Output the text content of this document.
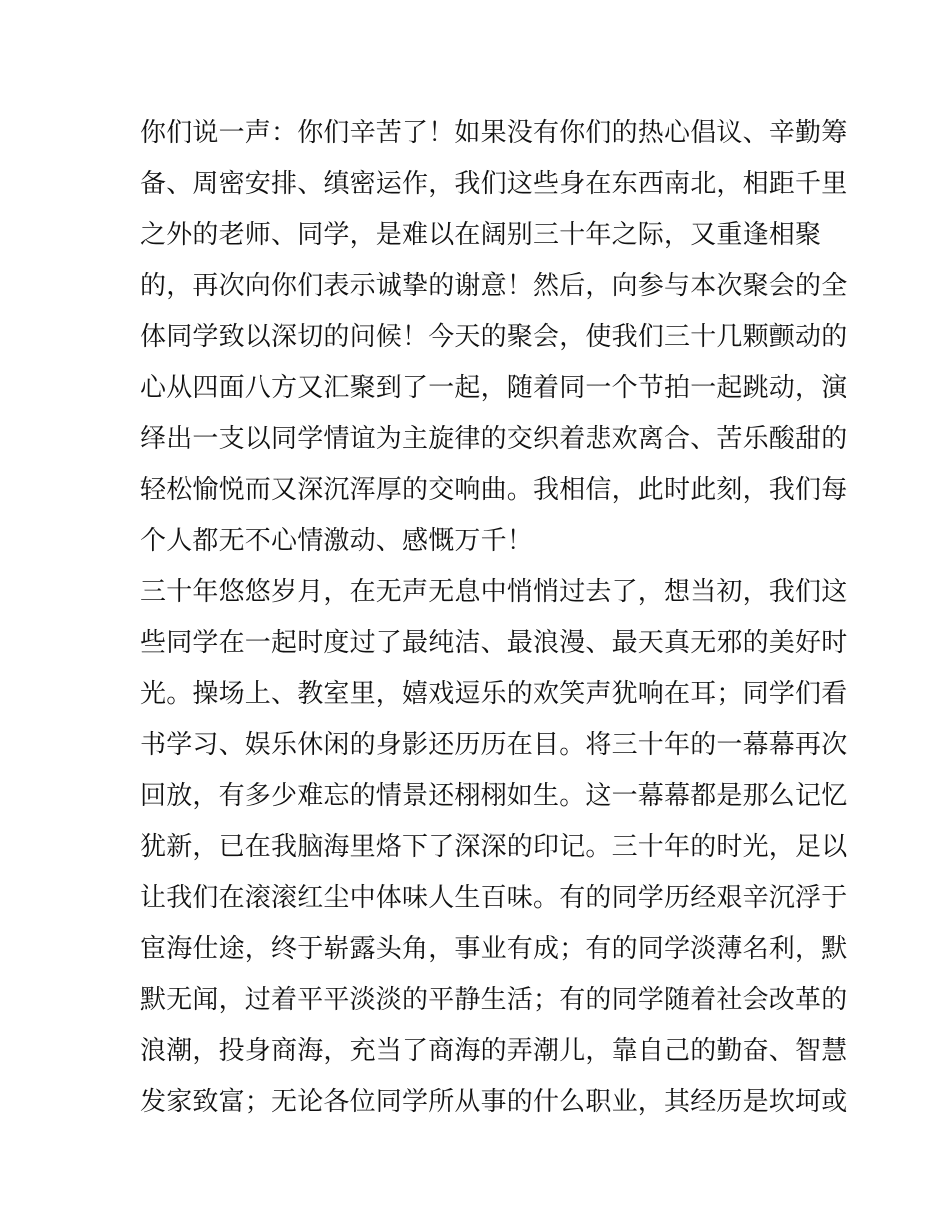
你们说一声：你们辛苦了！如果没有你们的热心倡议、辛勤筹
备、周密安排、缜密运作，我们这些身在东西南北，相距千里
之外的老师、同学，是难以在阔别三十年之际，又重逢相聚
的，再次向你们表示诚挚的谢意！然后，向参与本次聚会的全
体同学致以深切的问候！今天的聚会，使我们三十几颗颤动的
心从四面八方又汇聚到了一起，随着同一个节拍一起跳动，演
绎出一支以同学情谊为主旋律的交织着悲欢离合、苦乐酸甜的
轻松愉悦而又深沉浑厚的交响曲。我相信，此时此刻，我们每
个人都无不心情激动、感慨万千！
三十年悠悠岁月，在无声无息中悄悄过去了，想当初，我们这
些同学在一起时度过了最纯洁、最浪漫、最天真无邪的美好时
光。操场上、教室里，嬉戏逗乐的欢笑声犹响在耳；同学们看
书学习、娱乐休闲的身影还历历在目。将三十年的一幕幕再次
回放，有多少难忘的情景还栩栩如生。这一幕幕都是那么记忆
犹新，已在我脑海里烙下了深深的印记。三十年的时光，足以
让我们在滚滚红尘中体味人生百味。有的同学历经艰辛沉浮于
宦海仕途，终于崭露头角，事业有成；有的同学淡薄名利，默
默无闻，过着平平淡淡的平静生活；有的同学随着社会改革的
浪潮，投身商海，充当了商海的弄潮儿，靠自己的勤奋、智慧
发家致富；无论各位同学所从事的什么职业，其经历是坎坷或
